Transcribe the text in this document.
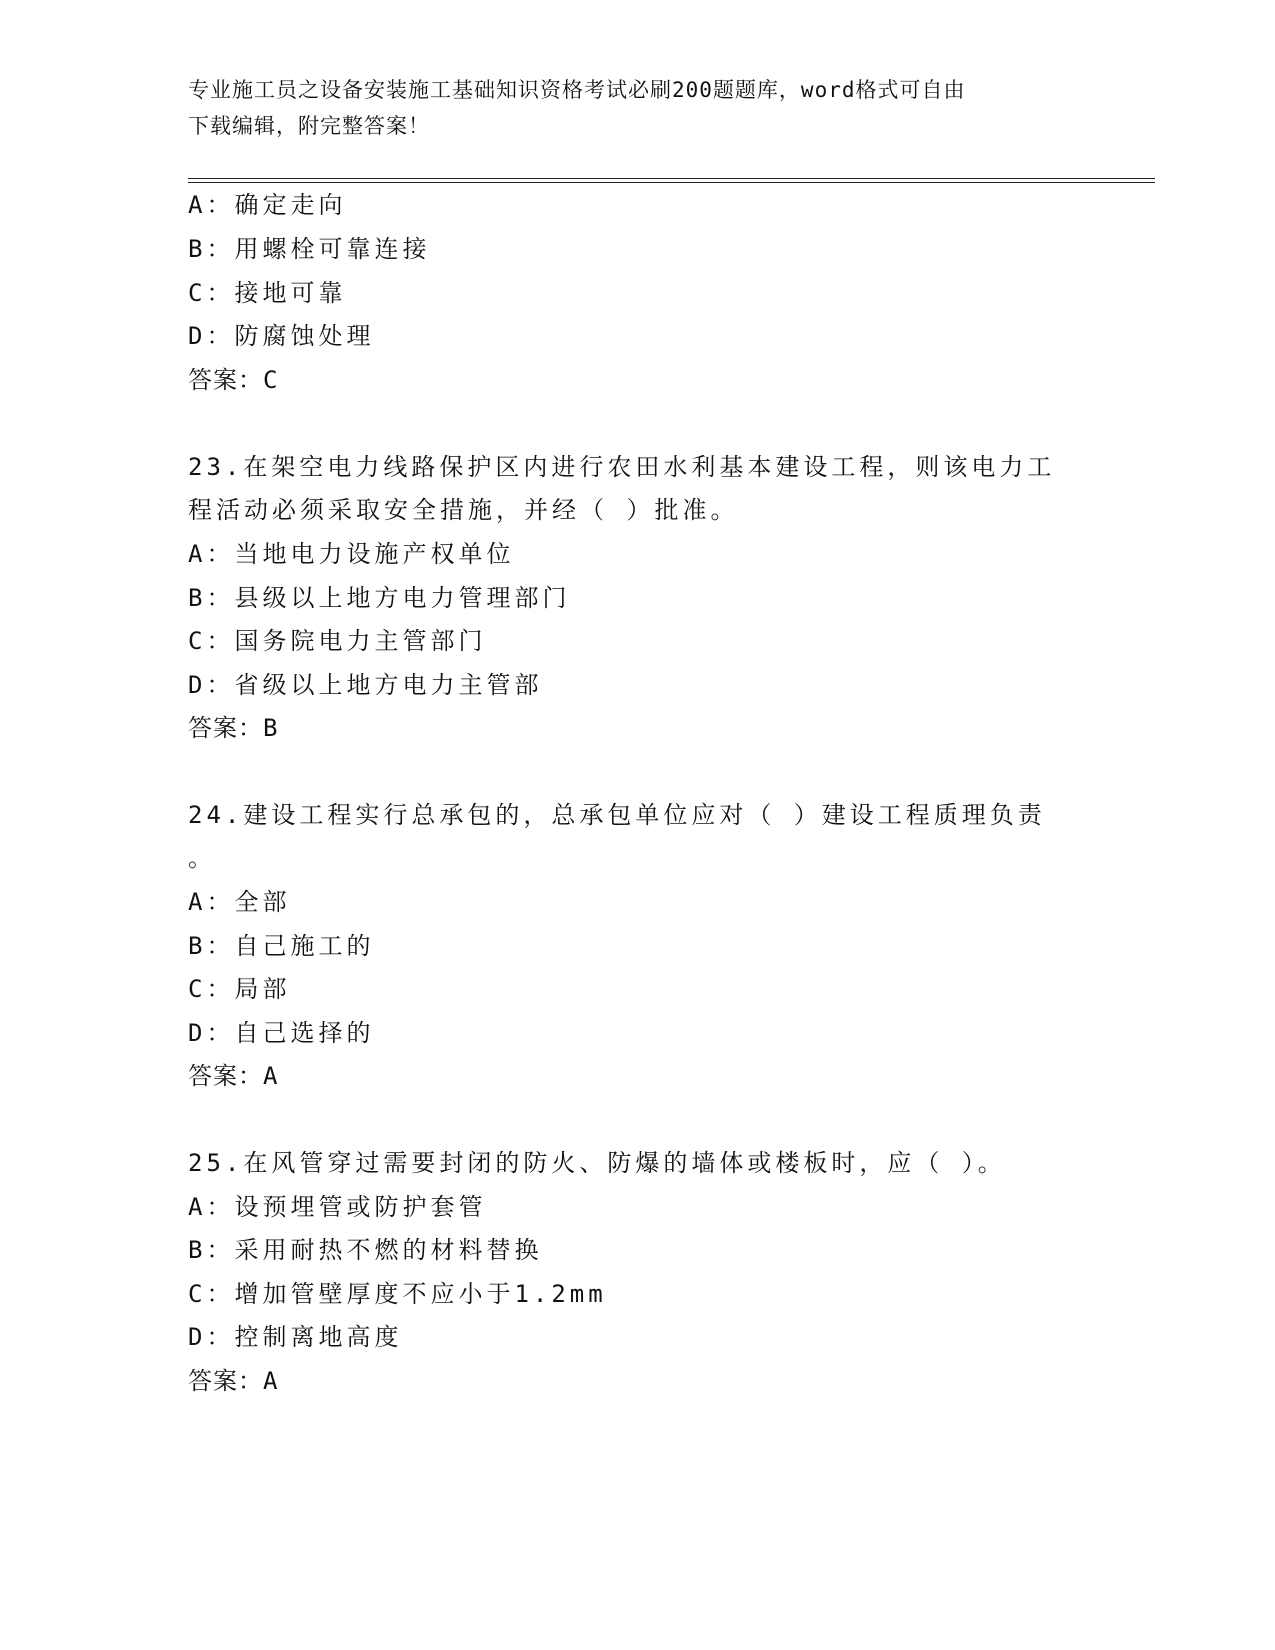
专业施工员之设备安装施工基础知识资格考试必刷200题题库，word格式可自由
下载编辑，附完整答案！
A：确定走向
B：用螺栓可靠连接
C：接地可靠
D：防腐蚀处理
答案：C
23.在架空电力线路保护区内进行农田水利基本建设工程，则该电力工
程活动必须采取安全措施，并经（ ）批准。
A：当地电力设施产权单位
B：县级以上地方电力管理部门
C：国务院电力主管部门
D：省级以上地方电力主管部
答案：B
24.建设工程实行总承包的，总承包单位应对（ ）建设工程质理负责
。
A：全部
B：自己施工的
C：局部
D：自己选择的
答案：A
25.在风管穿过需要封闭的防火、防爆的墙体或楼板时，应（ ）。
A：设预埋管或防护套管
B：采用耐热不燃的材料替换
C：增加管壁厚度不应小于1.2mm
D：控制离地高度
答案：A
